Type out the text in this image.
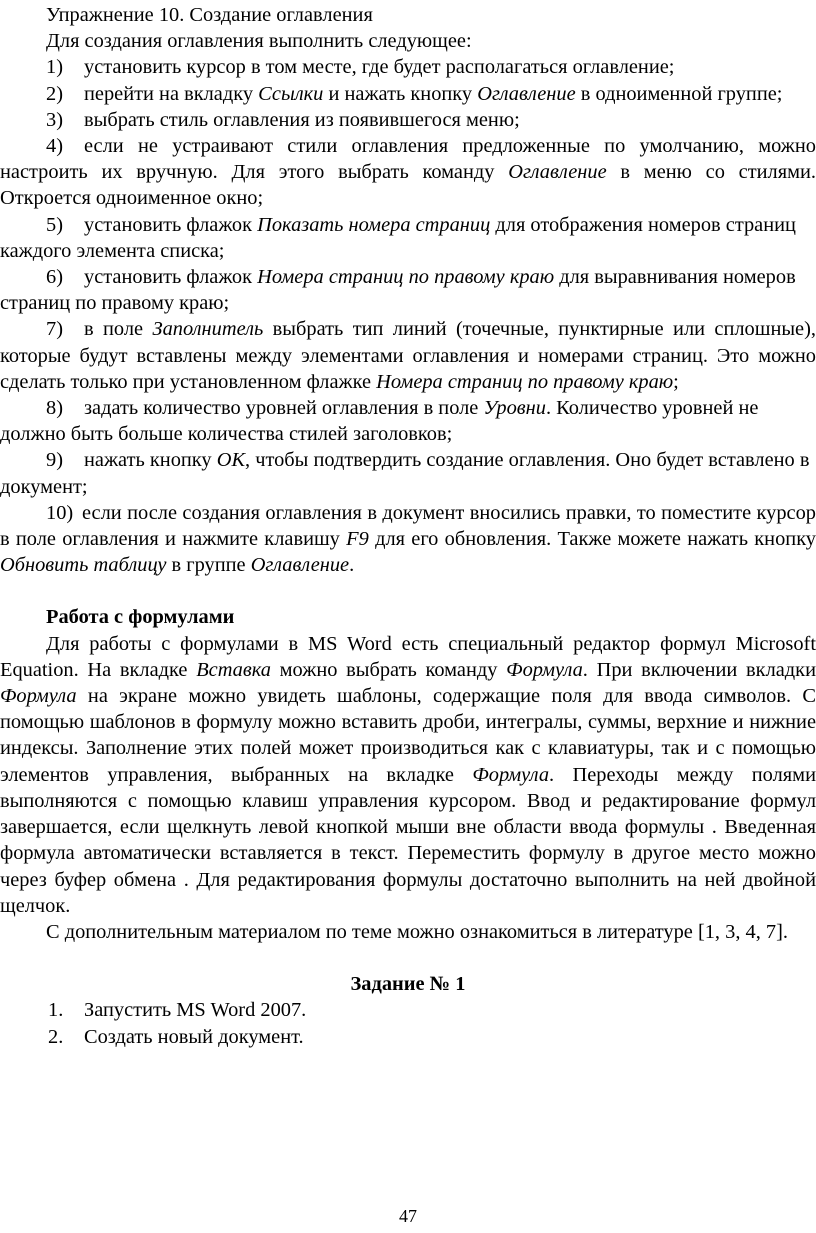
Упражнение 10. Создание оглавления

Для создания оглавления выполнить следующее:

1) установить курсор в том месте, где будет располагаться оглавление;

2) перейти на вкладку Ссылки и нажать кнопку Оглавление в одноименной группе;

3) выбрать стиль оглавления из появившегося меню;

4) если не устраивают стили оглавления предложенные по умолчанию, можно настроить их вручную. Для этого выбрать команду Оглавление в меню со стилями. Откроется одноименное окно;

5) установить флажок Показать номера страниц для отображения номеров страниц каждого элемента списка;

6) установить флажок Номера страниц по правому краю для выравнивания номеров страниц по правому краю;

7) в поле Заполнитель выбрать тип линий (точечные, пунктирные или сплошные), которые будут вставлены между элементами оглавления и номерами страниц. Это можно сделать только при установленном флажке Номера страниц по правому краю;

8) задать количество уровней оглавления в поле Уровни. Количество уровней не должно быть больше количества стилей заголовков;

9) нажать кнопку ОК, чтобы подтвердить создание оглавления. Оно будет вставлено в документ;

10) если после создания оглавления в документ вносились правки, то поместите курсор в поле оглавления и нажмите клавишу F9 для его обновления. Также можете нажать кнопку Обновить таблицу в группе Оглавление.

Работа с формулами

Для работы с формулами в MS Word есть специальный редактор формул Microsoft Equation. На вкладке Вставка можно выбрать команду Формула. При включении вкладки Формула на экране можно увидеть шаблоны, содержащие поля для ввода символов. С помощью шаблонов в формулу можно вставить дроби, интегралы, суммы, верхние и нижние индексы. Заполнение этих полей может производиться как с клавиатуры, так и с помощью элементов управления, выбранных на вкладке Формула. Переходы между полями выполняются с помощью клавиш управления курсором. Ввод и редактирование формул завершается, если щелкнуть левой кнопкой мыши вне области ввода формулы . Введенная формула автоматически вставляется в текст. Переместить формулу в другое место можно через буфер обмена . Для редактирования формулы достаточно выполнить на ней двойной щелчок.

С дополнительным материалом по теме можно ознакомиться в литературе [1, 3, 4, 7].

Задание № 1

1. Запустить MS Word 2007.

2. Создать новый документ.

47
